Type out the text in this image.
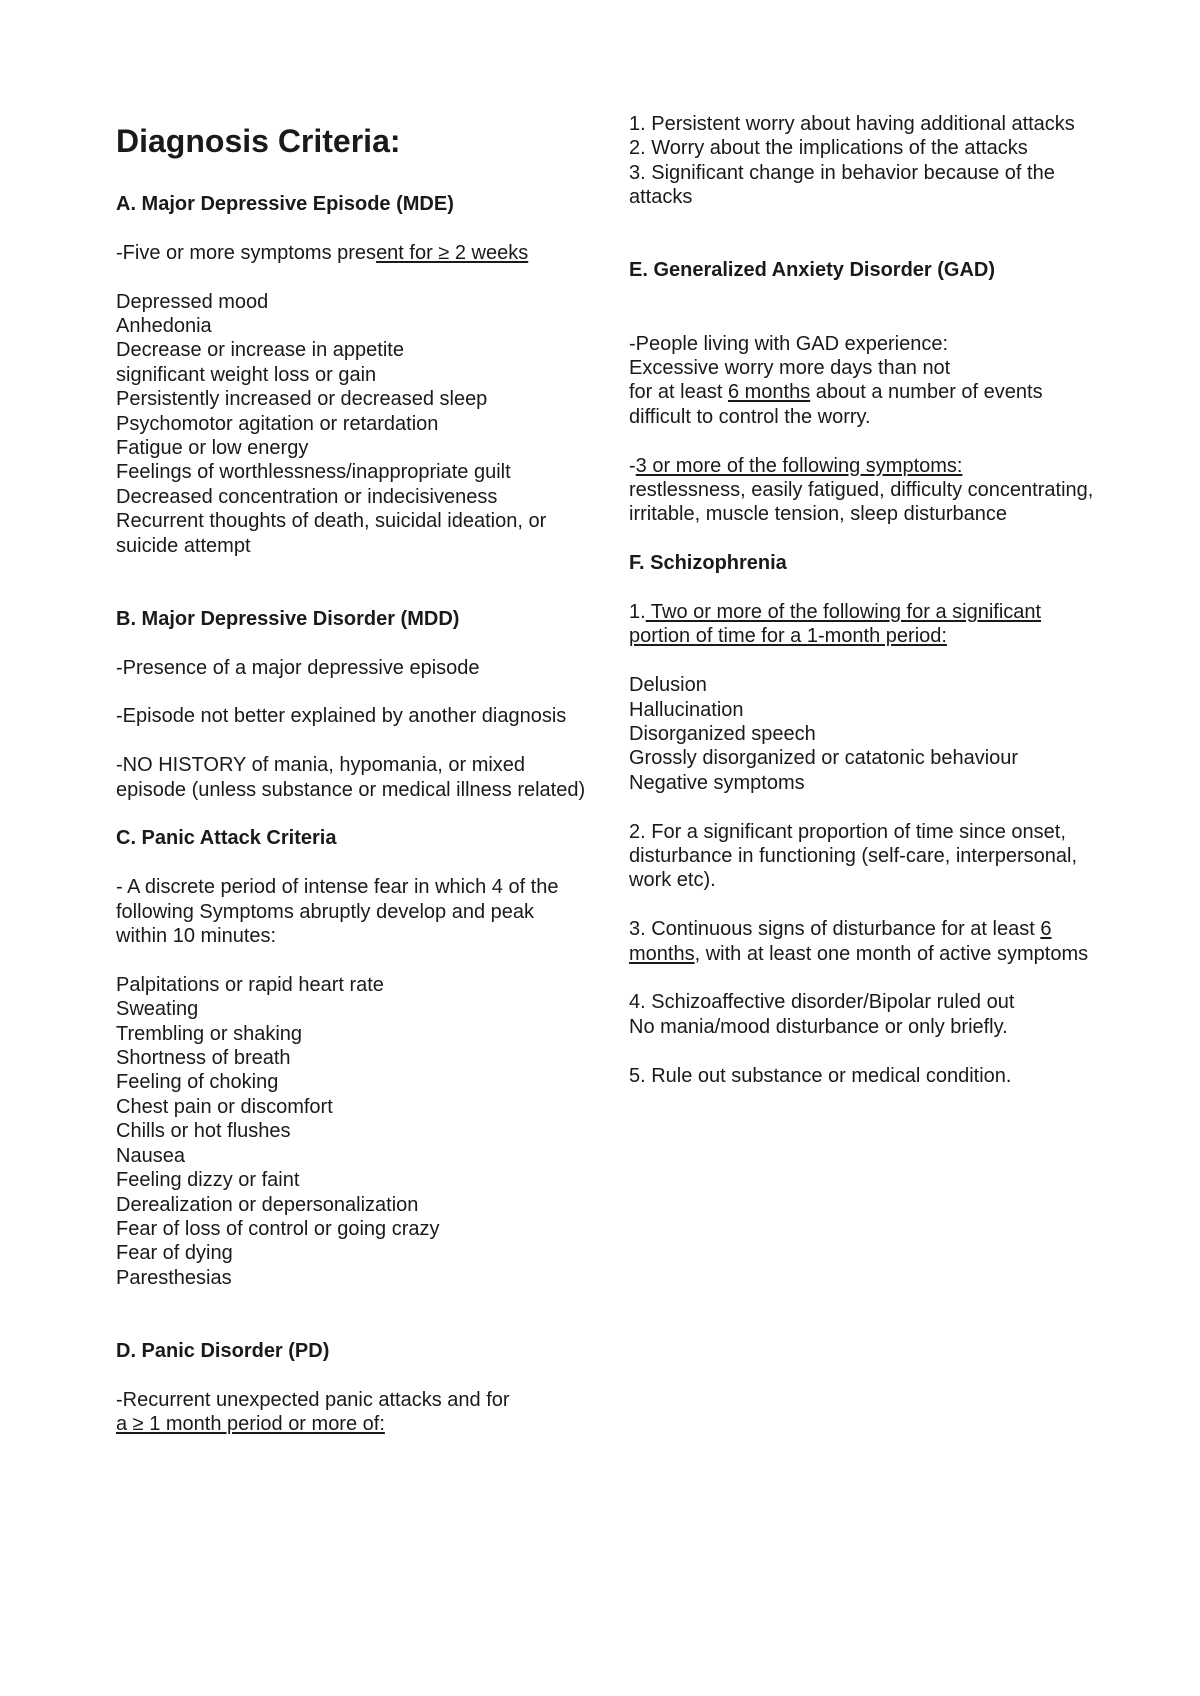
Diagnosis Criteria:
A. Major Depressive Episode (MDE)
-Five or more symptoms present for ≥ 2 weeks
Depressed mood
Anhedonia
Decrease or increase in appetite
significant weight loss or gain
Persistently increased or decreased sleep
Psychomotor agitation or retardation
Fatigue or low energy
Feelings of worthlessness/inappropriate guilt
Decreased concentration or indecisiveness
Recurrent thoughts of death, suicidal ideation, or suicide attempt
B. Major Depressive Disorder (MDD)
-Presence of a major depressive episode
-Episode not better explained by another diagnosis
-NO HISTORY of mania, hypomania, or mixed episode (unless substance or medical illness related)
C. Panic Attack Criteria
- A discrete period of intense fear in which 4 of the following Symptoms abruptly develop and peak within 10 minutes:
Palpitations or rapid heart rate
Sweating
Trembling or shaking
Shortness of breath
Feeling of choking
Chest pain or discomfort
Chills or hot flushes
Nausea
Feeling dizzy or faint
Derealization or depersonalization
Fear of loss of control or going crazy
Fear of dying
Paresthesias
D. Panic Disorder (PD)
-Recurrent unexpected panic attacks and for
a ≥ 1 month period or more of:
1. Persistent worry about having additional attacks
2. Worry about the implications of the attacks
3. Significant change in behavior because of the attacks
E. Generalized Anxiety Disorder (GAD)
-People living with GAD experience:
Excessive worry more days than not
for at least 6 months about a number of events difficult to control the worry.
-3 or more of the following symptoms:
restlessness, easily fatigued, difficulty concentrating, irritable, muscle tension, sleep disturbance
F. Schizophrenia
1. Two or more of the following for a significant portion of time for a 1-month period:
Delusion
Hallucination
Disorganized speech
Grossly disorganized or catatonic behaviour
Negative symptoms
2. For a significant proportion of time since onset, disturbance in functioning (self-care, interpersonal, work etc).
3. Continuous signs of disturbance for at least 6 months, with at least one month of active symptoms
4. Schizoaffective disorder/Bipolar ruled out
No mania/mood disturbance or only briefly.
5. Rule out substance or medical condition.
